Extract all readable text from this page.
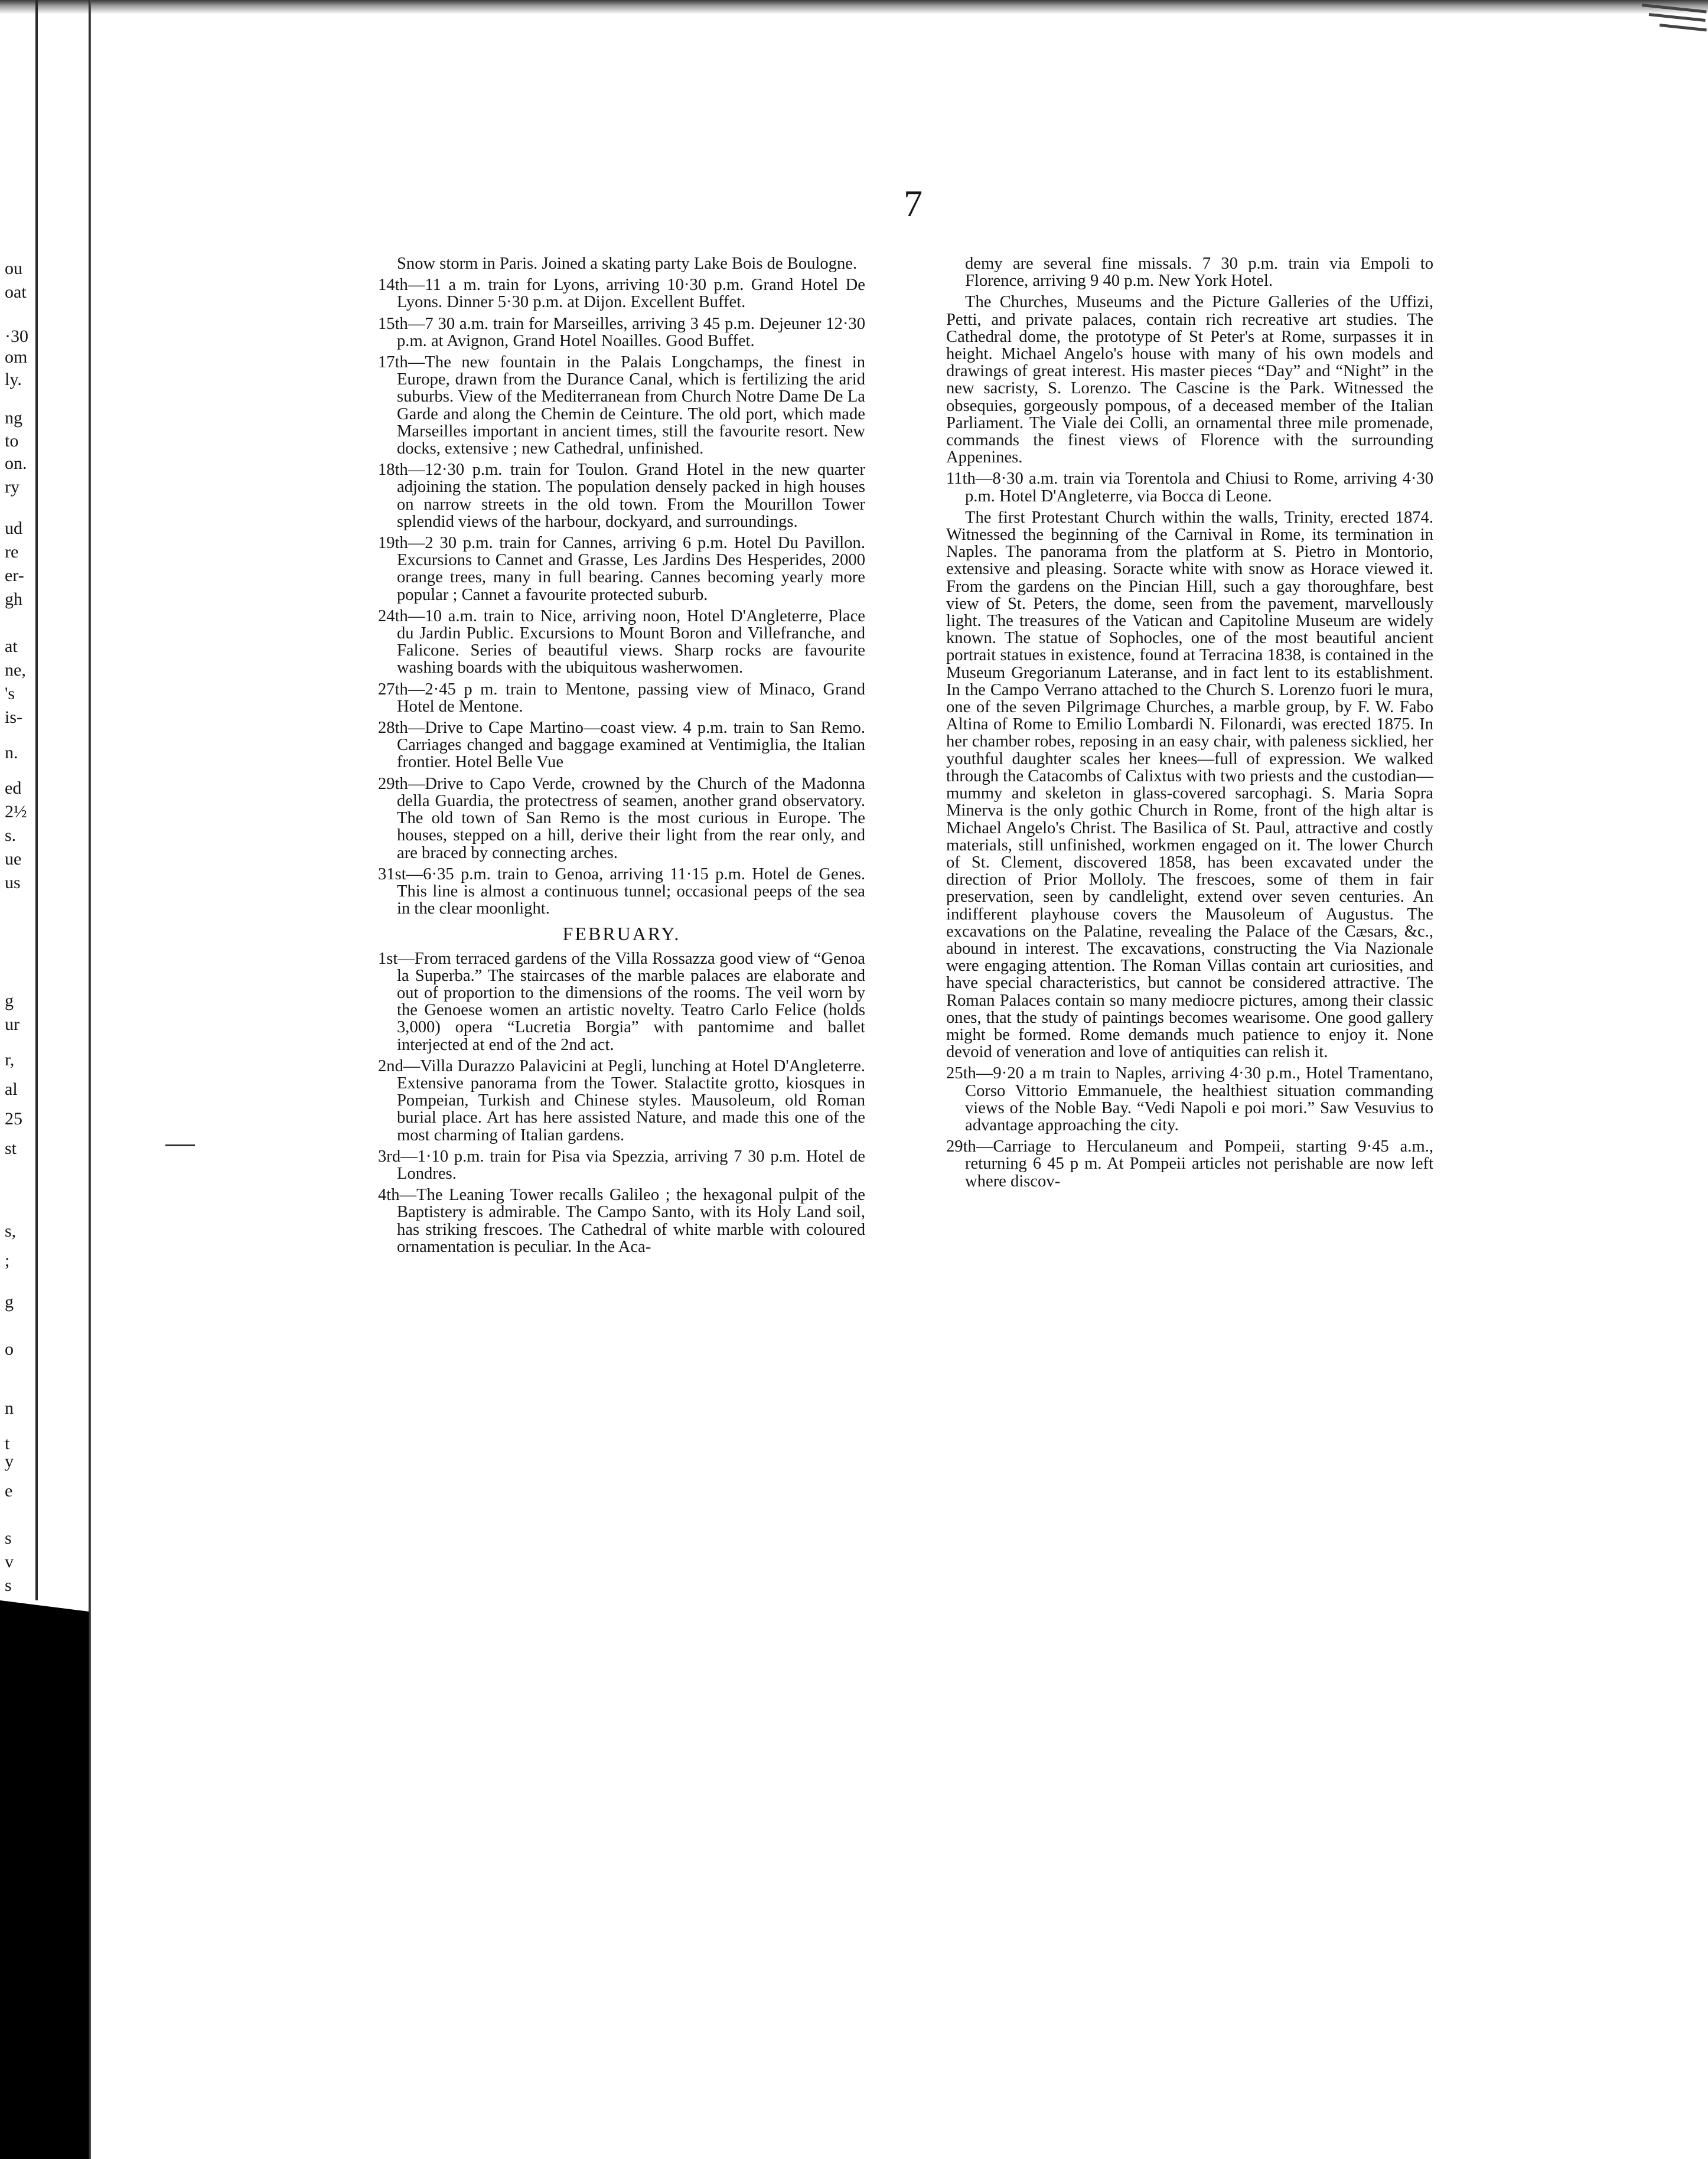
ou
oat
·30
om
ly.
ng
to
on.
ry
ud
re
er-
gh
at
ne,
's
is-
n.
ed
2½
s.
ue
us
g
ur
r,
al
25
st
s,
;
g
o
n
t
y
e
s
v
s
7

Snow storm in Paris. Joined a skating party Lake Bois de Boulogne.

14th—11 a m. train for Lyons, arriving 10·30 p.m. Grand Hotel De Lyons. Dinner 5·30 p.m. at Dijon. Excellent Buffet.

15th—7 30 a.m. train for Marseilles, arriving 3 45 p.m. Dejeuner 12·30 p.m. at Avignon, Grand Hotel Noailles. Good Buffet.

17th—The new fountain in the Palais Longchamps, the finest in Europe, drawn from the Durance Canal, which is fertilizing the arid suburbs. View of the Mediterranean from Church Notre Dame De La Garde and along the Chemin de Ceinture. The old port, which made Marseilles important in ancient times, still the favourite resort. New docks, extensive ; new Cathedral, unfinished.

18th—12·30 p.m. train for Toulon. Grand Hotel in the new quarter adjoining the station. The population densely packed in high houses on narrow streets in the old town. From the Mourillon Tower splendid views of the harbour, dockyard, and surroundings.

19th—2 30 p.m. train for Cannes, arriving 6 p.m. Hotel Du Pavillon. Excursions to Cannet and Grasse, Les Jardins Des Hesperides, 2000 orange trees, many in full bearing. Cannes becoming yearly more popular ; Cannet a favourite protected suburb.

24th—10 a.m. train to Nice, arriving noon, Hotel D'Angleterre, Place du Jardin Public. Excursions to Mount Boron and Villefranche, and Falicone. Series of beautiful views. Sharp rocks are favourite washing boards with the ubiquitous washerwomen.

27th—2·45 p m. train to Mentone, passing view of Minaco, Grand Hotel de Mentone.

28th—Drive to Cape Martino—coast view. 4 p.m. train to San Remo. Carriages changed and baggage examined at Ventimiglia, the Italian frontier. Hotel Belle Vue

29th—Drive to Capo Verde, crowned by the Church of the Madonna della Guardia, the protectress of seamen, another grand observatory. The old town of San Remo is the most curious in Europe. The houses, stepped on a hill, derive their light from the rear only, and are braced by connecting arches.

31st—6·35 p.m. train to Genoa, arriving 11·15 p.m. Hotel de Genes. This line is almost a continuous tunnel; occasional peeps of the sea in the clear moonlight.

FEBRUARY.

1st—From terraced gardens of the Villa Rossazza good view of “Genoa la Superba.” The staircases of the marble palaces are elaborate and out of proportion to the dimensions of the rooms. The veil worn by the Genoese women an artistic novelty. Teatro Carlo Felice (holds 3,000) opera “Lucretia Borgia” with pantomime and ballet interjected at end of the 2nd act.

2nd—Villa Durazzo Palavicini at Pegli, lunching at Hotel D'Angleterre. Extensive panorama from the Tower. Stalactite grotto, kiosques in Pompeian, Turkish and Chinese styles. Mausoleum, old Roman burial place. Art has here assisted Nature, and made this one of the most charming of Italian gardens.

3rd—1·10 p.m. train for Pisa via Spezzia, arriving 7 30 p.m. Hotel de Londres.

4th—The Leaning Tower recalls Galileo ; the hexagonal pulpit of the Baptistery is admirable. The Campo Santo, with its Holy Land soil, has striking frescoes. The Cathedral of white marble with coloured ornamentation is peculiar. In the Aca-

demy are several fine missals. 7 30 p.m. train via Empoli to Florence, arriving 9 40 p.m. New York Hotel.

The Churches, Museums and the Picture Galleries of the Uffizi, Petti, and private palaces, contain rich recreative art studies. The Cathedral dome, the prototype of St Peter's at Rome, surpasses it in height. Michael Angelo's house with many of his own models and drawings of great interest. His master pieces “Day” and “Night” in the new sacristy, S. Lorenzo. The Cascine is the Park. Witnessed the obsequies, gorgeously pompous, of a deceased member of the Italian Parliament. The Viale dei Colli, an ornamental three mile promenade, commands the finest views of Florence with the surrounding Appenines.

11th—8·30 a.m. train via Torentola and Chiusi to Rome, arriving 4·30 p.m. Hotel D'Angleterre, via Bocca di Leone.

The first Protestant Church within the walls, Trinity, erected 1874. Witnessed the beginning of the Carnival in Rome, its termination in Naples. The panorama from the platform at S. Pietro in Montorio, extensive and pleasing. Soracte white with snow as Horace viewed it. From the gardens on the Pincian Hill, such a gay thoroughfare, best view of St. Peters, the dome, seen from the pavement, marvellously light. The treasures of the Vatican and Capitoline Museum are widely known. The statue of Sophocles, one of the most beautiful ancient portrait statues in existence, found at Terracina 1838, is contained in the Museum Gregorianum Lateranse, and in fact lent to its establishment. In the Campo Verrano attached to the Church S. Lorenzo fuori le mura, one of the seven Pilgrimage Churches, a marble group, by F. W. Fabo Altina of Rome to Emilio Lombardi N. Filonardi, was erected 1875. In her chamber robes, reposing in an easy chair, with paleness sicklied, her youthful daughter scales her knees—full of expression. We walked through the Catacombs of Calixtus with two priests and the custodian—mummy and skeleton in glass-covered sarcophagi. S. Maria Sopra Minerva is the only gothic Church in Rome, front of the high altar is Michael Angelo's Christ. The Basilica of St. Paul, attractive and costly materials, still unfinished, workmen engaged on it. The lower Church of St. Clement, discovered 1858, has been excavated under the direction of Prior Molloly. The frescoes, some of them in fair preservation, seen by candlelight, extend over seven centuries. An indifferent playhouse covers the Mausoleum of Augustus. The excavations on the Palatine, revealing the Palace of the Cæsars, &c., abound in interest. The excavations, constructing the Via Nazionale were engaging attention. The Roman Villas contain art curiosities, and have special characteristics, but cannot be considered attractive. The Roman Palaces contain so many mediocre pictures, among their classic ones, that the study of paintings becomes wearisome. One good gallery might be formed. Rome demands much patience to enjoy it. None devoid of veneration and love of antiquities can relish it.

25th—9·20 a m train to Naples, arriving 4·30 p.m., Hotel Tramentano, Corso Vittorio Emmanuele, the healthiest situation commanding views of the Noble Bay. “Vedi Napoli e poi mori.” Saw Vesuvius to advantage approaching the city.

29th—Carriage to Herculaneum and Pompeii, starting 9·45 a.m., returning 6 45 p m. At Pompeii articles not perishable are now left where discov-
